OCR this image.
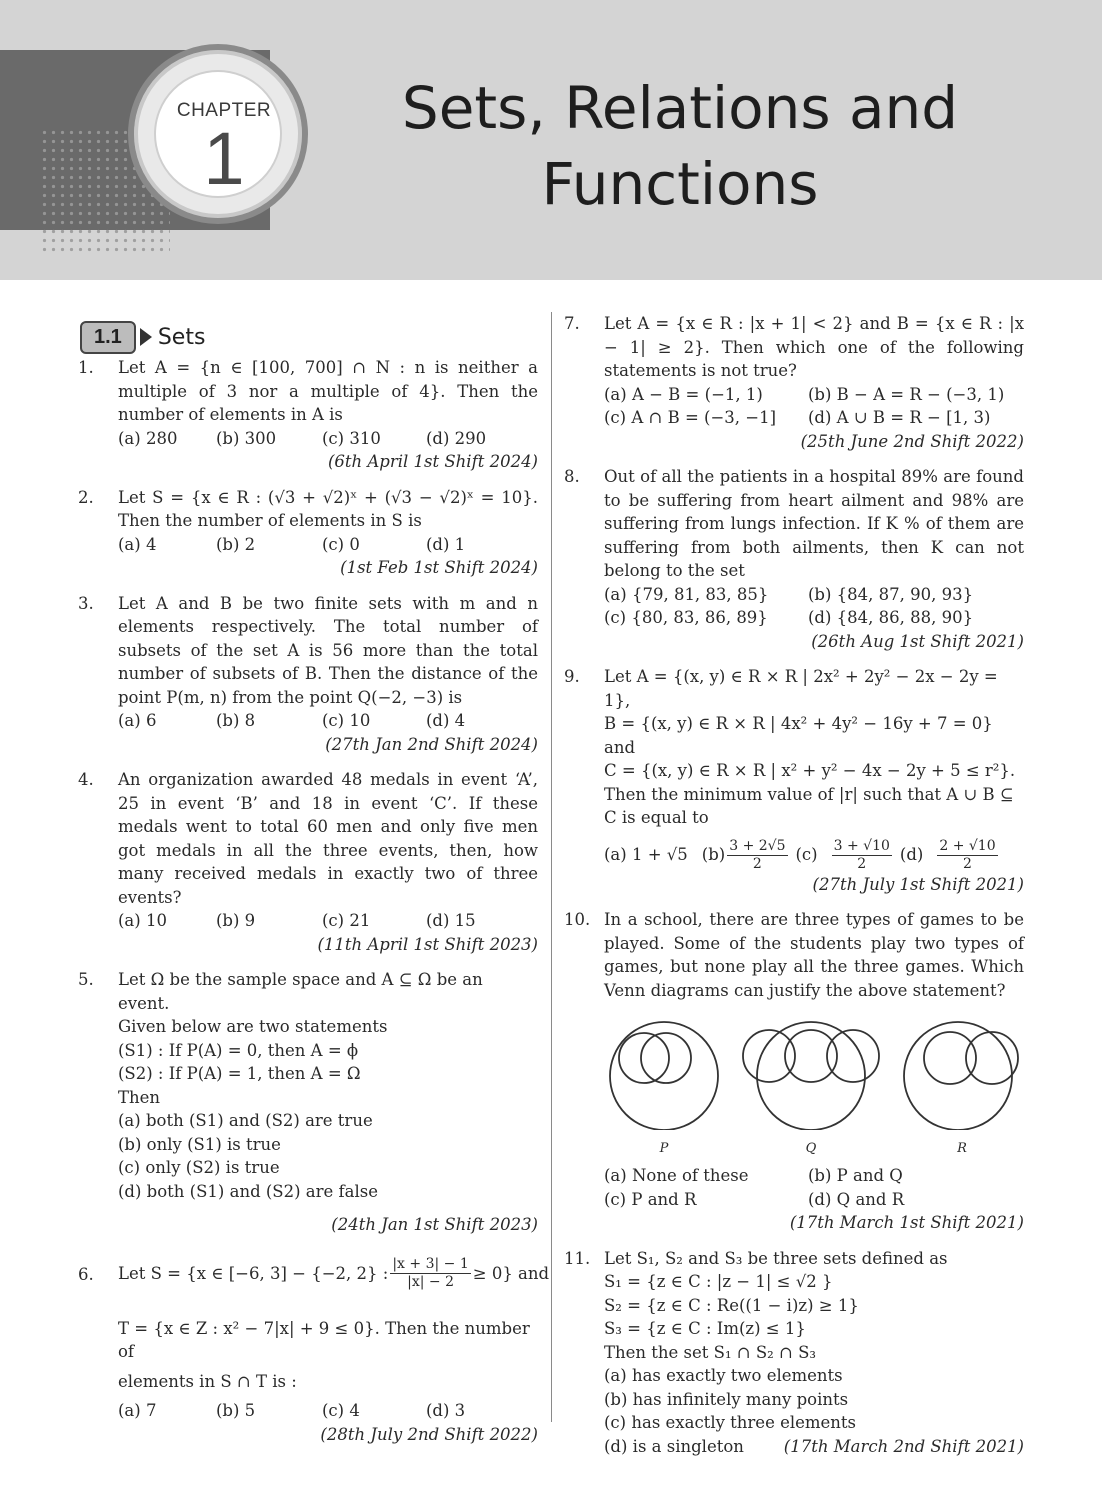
CHAPTER
1
Sets, Relations and
Functions
1.1	Sets
1. Let A = {n ∈ [100, 700] ∩ N : n is neither a multiple of 3 nor a multiple of 4}. Then the number of elements in A is
(a) 280	(b) 300	(c) 310	(d) 290
(6th April 1st Shift 2024)
2. Let S = {x ∈ R : (√3 + √2)ˣ + (√3 − √2)ˣ = 10}. Then the number of elements in S is
(a) 4	(b) 2	(c) 0	(d) 1
(1st Feb 1st Shift 2024)
3. Let A and B be two finite sets with m and n elements respectively. The total number of subsets of the set A is 56 more than the total number of subsets of B. Then the distance of the point P(m, n) from the point Q(−2, −3) is
(a) 6	(b) 8	(c) 10	(d) 4
(27th Jan 2nd Shift 2024)
4. An organization awarded 48 medals in event ‘A’, 25 in event ‘B’ and 18 in event ‘C’. If these medals went to total 60 men and only five men got medals in all the three events, then, how many received medals in exactly two of three events?
(a) 10	(b) 9	(c) 21	(d) 15
(11th April 1st Shift 2023)
5. Let Ω be the sample space and A ⊆ Ω be an event.
Given below are two statements
(S1) : If P(A) = 0, then A = ϕ
(S2) : If P(A) = 1, then A = Ω
Then
(a) both (S1) and (S2) are true
(b) only (S1) is true
(c) only (S2) is true
(d) both (S1) and (S2) are false
(24th Jan 1st Shift 2023)
6. Let S = {x ∈ [−6, 3] − {−2, 2} : $\frac{|x + 3| - 1}{|x| - 2} \ge 0$} and
T = {x ∈ Z : x² − 7|x| + 9 ≤ 0}. Then the number of
elements in S ∩ T is :
(a) 7	(b) 5	(c) 4	(d) 3
(28th July 2nd Shift 2022)
7. Let A = {x ∈ R : |x + 1| < 2} and B = {x ∈ R : |x − 1| ≥ 2}. Then which one of the following statements is not true?
(a) A − B = (−1, 1)	(b) B − A = R − (−3, 1)
(c) A ∩ B = (−3, −1]	(d) A ∪ B = R − [1, 3)
(25th June 2nd Shift 2022)
8. Out of all the patients in a hospital 89% are found to be suffering from heart ailment and 98% are suffering from lungs infection. If K % of them are suffering from both ailments, then K can not belong to the set
(a) {79, 81, 83, 85}	(b) {84, 87, 90, 93}
(c) {80, 83, 86, 89}	(d) {84, 86, 88, 90}
(26th Aug 1st Shift 2021)
9. Let A = {(x, y) ∈ R × R | 2x² + 2y² − 2x − 2y = 1},
B = {(x, y) ∈ R × R | 4x² + 4y² − 16y + 7 = 0} and
C = {(x, y) ∈ R × R | x² + y² − 4x − 2y + 5 ≤ r²}.
Then the minimum value of |r| such that A ∪ B ⊆ C is equal to
(a) 1 + √5 $(b) \frac{3 + 2√5}{2} (c) \frac{3 + √10}{2} (d) \frac{2 + √10}{2}$
(27th July 1st Shift 2021)
10. In a school, there are three types of games to be played. Some of the students play two types of games, but none play all the three games. Which Venn diagrams can justify the above statement?
P	Q	R
(a) None of these	(b) P and Q
(c) P and R	(d) Q and R
(17th March 1st Shift 2021)
11. Let S₁, S₂ and S₃ be three sets defined as
S₁ = {z ∈ C : |z − 1| ≤ √2 }
S₂ = {z ∈ C : Re((1 − i)z) ≥ 1}
S₃ = {z ∈ C : Im(z) ≤ 1}
Then the set S₁ ∩ S₂ ∩ S₃
(a) has exactly two elements
(b) has infinitely many points
(c) has exactly three elements
(d) is a singleton (17th March 2nd Shift 2021)
